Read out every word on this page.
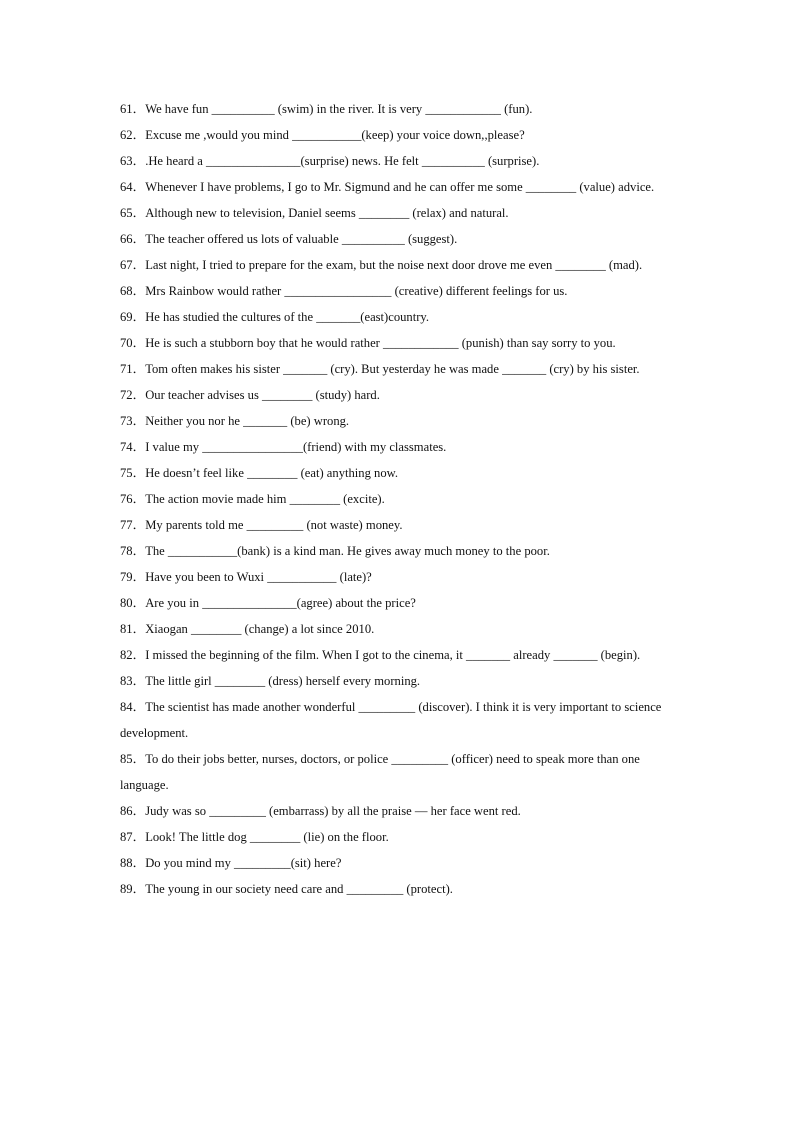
61．We have fun __________ (swim) in the river. It is very ____________ (fun).
62．Excuse me ,would you mind ___________(keep) your voice down,,please?
63．.He heard a _______________(surprise) news. He felt __________ (surprise).
64．Whenever I have problems, I go to Mr. Sigmund and he can offer me some ________ (value) advice.
65．Although new to television, Daniel seems ________ (relax) and natural.
66．The teacher offered us lots of valuable __________ (suggest).
67．Last night, I tried to prepare for the exam, but the noise next door drove me even ________ (mad).
68．Mrs Rainbow would rather _________________ (creative) different feelings for us.
69．He has studied the cultures of the _______(east)country.
70．He is such a stubborn boy that he would rather ____________ (punish) than say sorry to you.
71．Tom often makes his sister _______ (cry). But yesterday he was made _______ (cry) by his sister.
72．Our teacher advises us ________ (study) hard.
73．Neither you nor he _______ (be) wrong.
74．I value my ________________(friend) with my classmates.
75．He doesn’t feel like ________ (eat) anything now.
76．The action movie made him ________ (excite).
77．My parents told me _________ (not waste) money.
78．The ___________(bank) is a kind man. He gives away much money to the poor.
79．Have you been to Wuxi ___________ (late)?
80．Are you in _______________(agree) about the price?
81．Xiaogan ________ (change) a lot since 2010.
82．I missed the beginning of the film. When I got to the cinema, it _______ already _______ (begin).
83．The little girl ________ (dress) herself every morning.
84．The scientist has made another wonderful _________ (discover). I think it is very important to science development.
85．To do their jobs better, nurses, doctors, or police _________ (officer) need to speak more than one language.
86．Judy was so _________ (embarrass) by all the praise — her face went red.
87．Look! The little dog ________ (lie) on the floor.
88．Do you mind my _________(sit) here?
89．The young in our society need care and _________ (protect).
